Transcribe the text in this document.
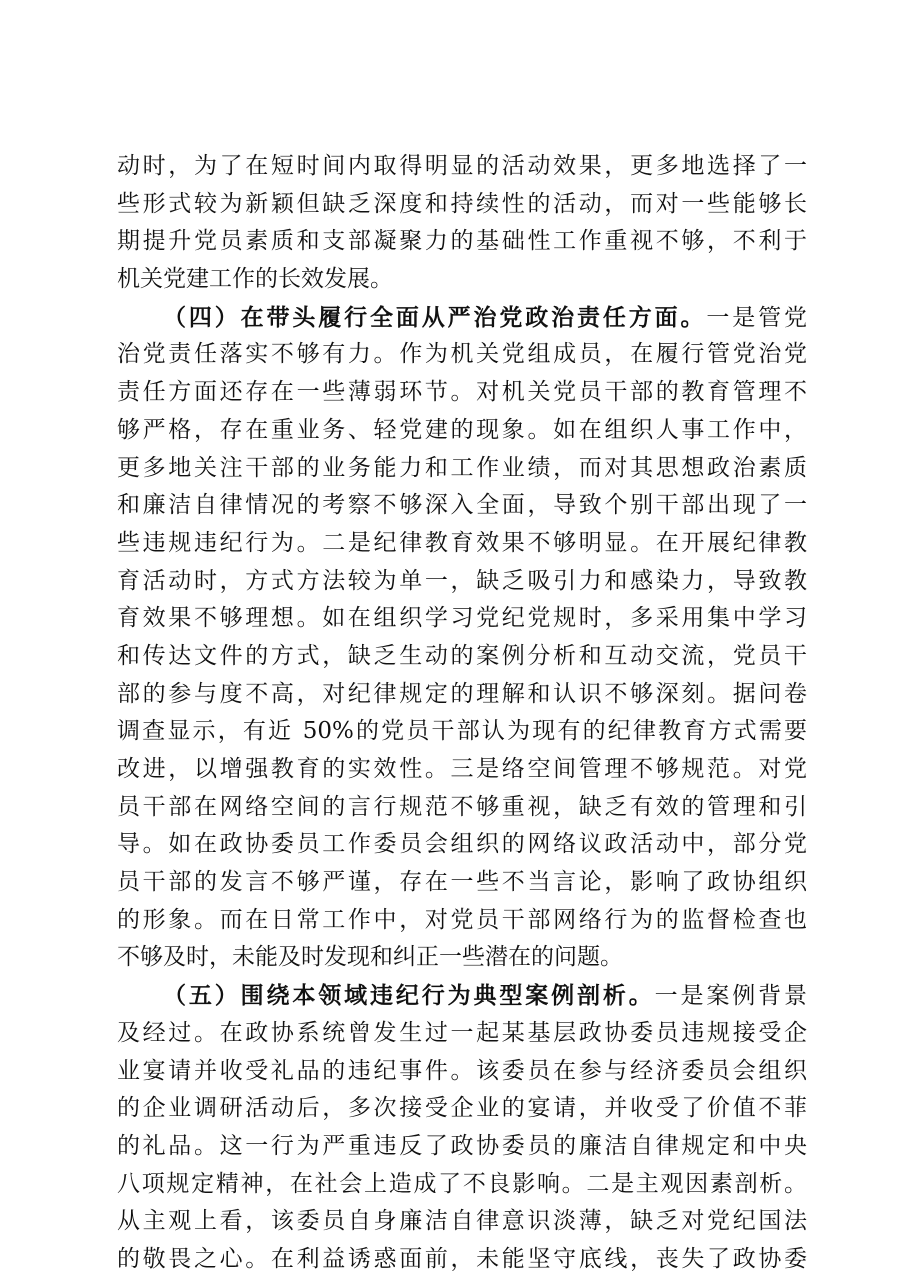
动时，为了在短时间内取得明显的活动效果，更多地选择了一
些形式较为新颖但缺乏深度和持续性的活动，而对一些能够长
期提升党员素质和支部凝聚力的基础性工作重视不够，不利于
机关党建工作的长效发展。
（四）在带头履行全面从严治党政治责任方面。一是管党
治党责任落实不够有力。作为机关党组成员，在履行管党治党
责任方面还存在一些薄弱环节。对机关党员干部的教育管理不
够严格，存在重业务、轻党建的现象。如在组织人事工作中，
更多地关注干部的业务能力和工作业绩，而对其思想政治素质
和廉洁自律情况的考察不够深入全面，导致个别干部出现了一
些违规违纪行为。二是纪律教育效果不够明显。在开展纪律教
育活动时，方式方法较为单一，缺乏吸引力和感染力，导致教
育效果不够理想。如在组织学习党纪党规时，多采用集中学习
和传达文件的方式，缺乏生动的案例分析和互动交流，党员干
部的参与度不高，对纪律规定的理解和认识不够深刻。据问卷
调查显示，有近 50%的党员干部认为现有的纪律教育方式需要
改进，以增强教育的实效性。三是络空间管理不够规范。对党
员干部在网络空间的言行规范不够重视，缺乏有效的管理和引
导。如在政协委员工作委员会组织的网络议政活动中，部分党
员干部的发言不够严谨，存在一些不当言论，影响了政协组织
的形象。而在日常工作中，对党员干部网络行为的监督检查也
不够及时，未能及时发现和纠正一些潜在的问题。
（五）围绕本领域违纪行为典型案例剖析。一是案例背景
及经过。在政协系统曾发生过一起某基层政协委员违规接受企
业宴请并收受礼品的违纪事件。该委员在参与经济委员会组织
的企业调研活动后，多次接受企业的宴请，并收受了价值不菲
的礼品。这一行为严重违反了政协委员的廉洁自律规定和中央
八项规定精神，在社会上造成了不良影响。二是主观因素剖析。
从主观上看，该委员自身廉洁自律意识淡薄，缺乏对党纪国法
的敬畏之心。在利益诱惑面前，未能坚守底线，丧失了政协委
